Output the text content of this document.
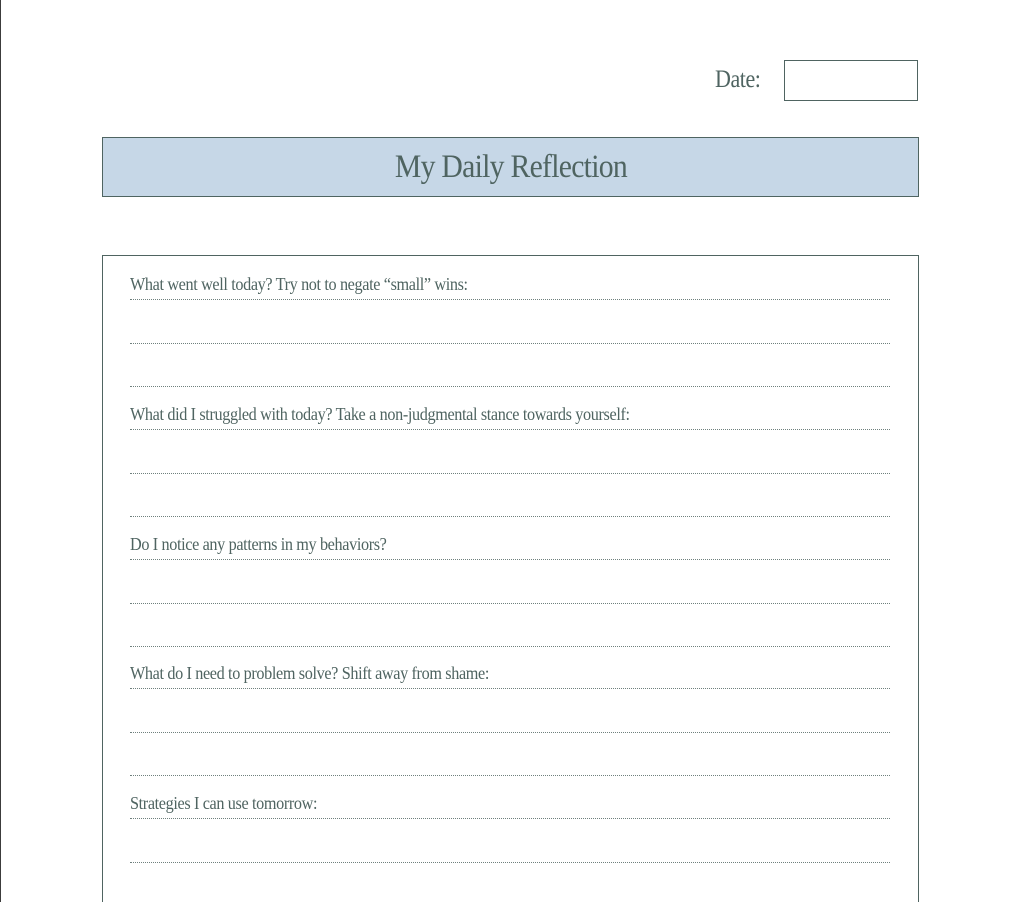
Date:
My Daily Reflection
What went well today? Try not to negate “small” wins:
What did I struggled with today? Take a non-judgmental stance towards yourself:
Do I notice any patterns in my behaviors?
What do I need to problem solve? Shift away from shame:
Strategies I can use tomorrow:
